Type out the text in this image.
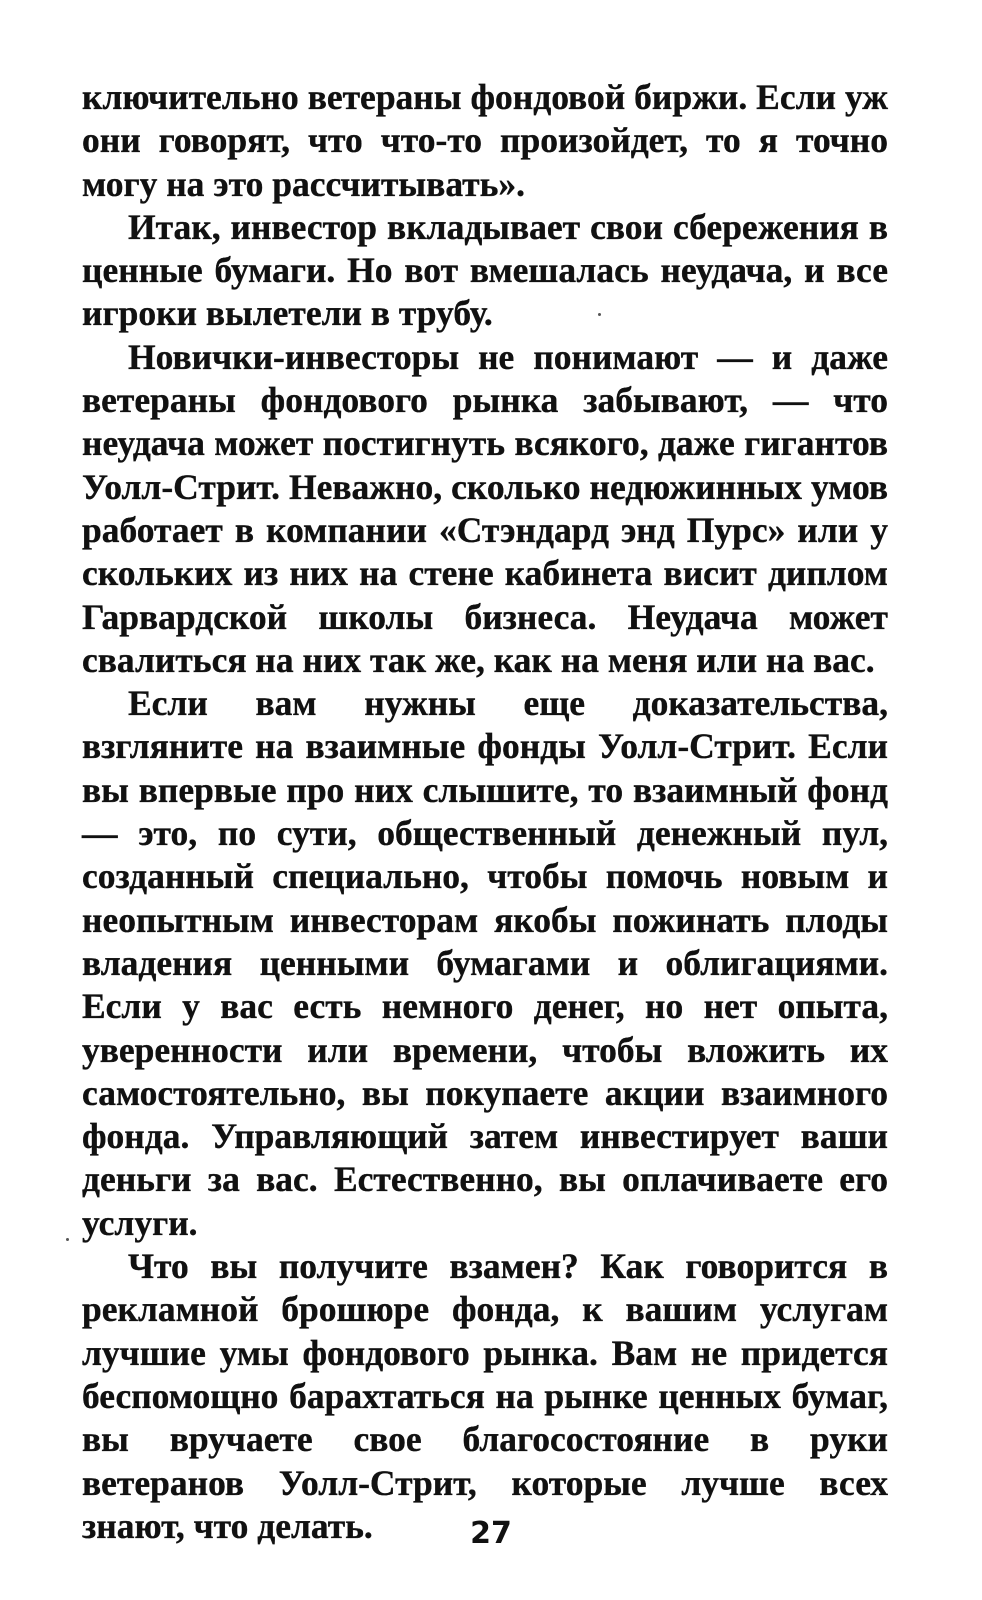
ключительно ветераны фондовой биржи. Если уж они говорят, что что-то произойдет, то я точно могу на это рассчитывать».

Итак, инвестор вкладывает свои сбережения в ценные бумаги. Но вот вмешалась неудача, и все игроки вылетели в трубу.

Новички-инвесторы не понимают — и даже ветераны фондового рынка забывают, — что неудача может постигнуть всякого, даже гигантов Уолл-Стрит. Неважно, сколько недюжинных умов работает в компании «Стэндард энд Пурс» или у скольких из них на стене кабинета висит диплом Гарвардской школы бизнеса. Неудача может свалиться на них так же, как на меня или на вас.

Если вам нужны еще доказательства, взгляните на взаимные фонды Уолл-Стрит. Если вы впервые про них слышите, то взаимный фонд — это, по сути, общественный денежный пул, созданный специально, чтобы помочь новым и неопытным инвесторам якобы пожинать плоды владения ценными бумагами и облигациями. Если у вас есть немного денег, но нет опыта, уверенности или времени, чтобы вложить их самостоятельно, вы покупаете акции взаимного фонда. Управляющий затем инвестирует ваши деньги за вас. Естественно, вы оплачиваете его услуги.

Что вы получите взамен? Как говорится в рекламной брошюре фонда, к вашим услугам лучшие умы фондового рынка. Вам не придется беспомощно барахтаться на рынке ценных бумаг, вы вручаете свое благосостояние в руки ветеранов Уолл-Стрит, которые лучше всех знают, что делать.	27
